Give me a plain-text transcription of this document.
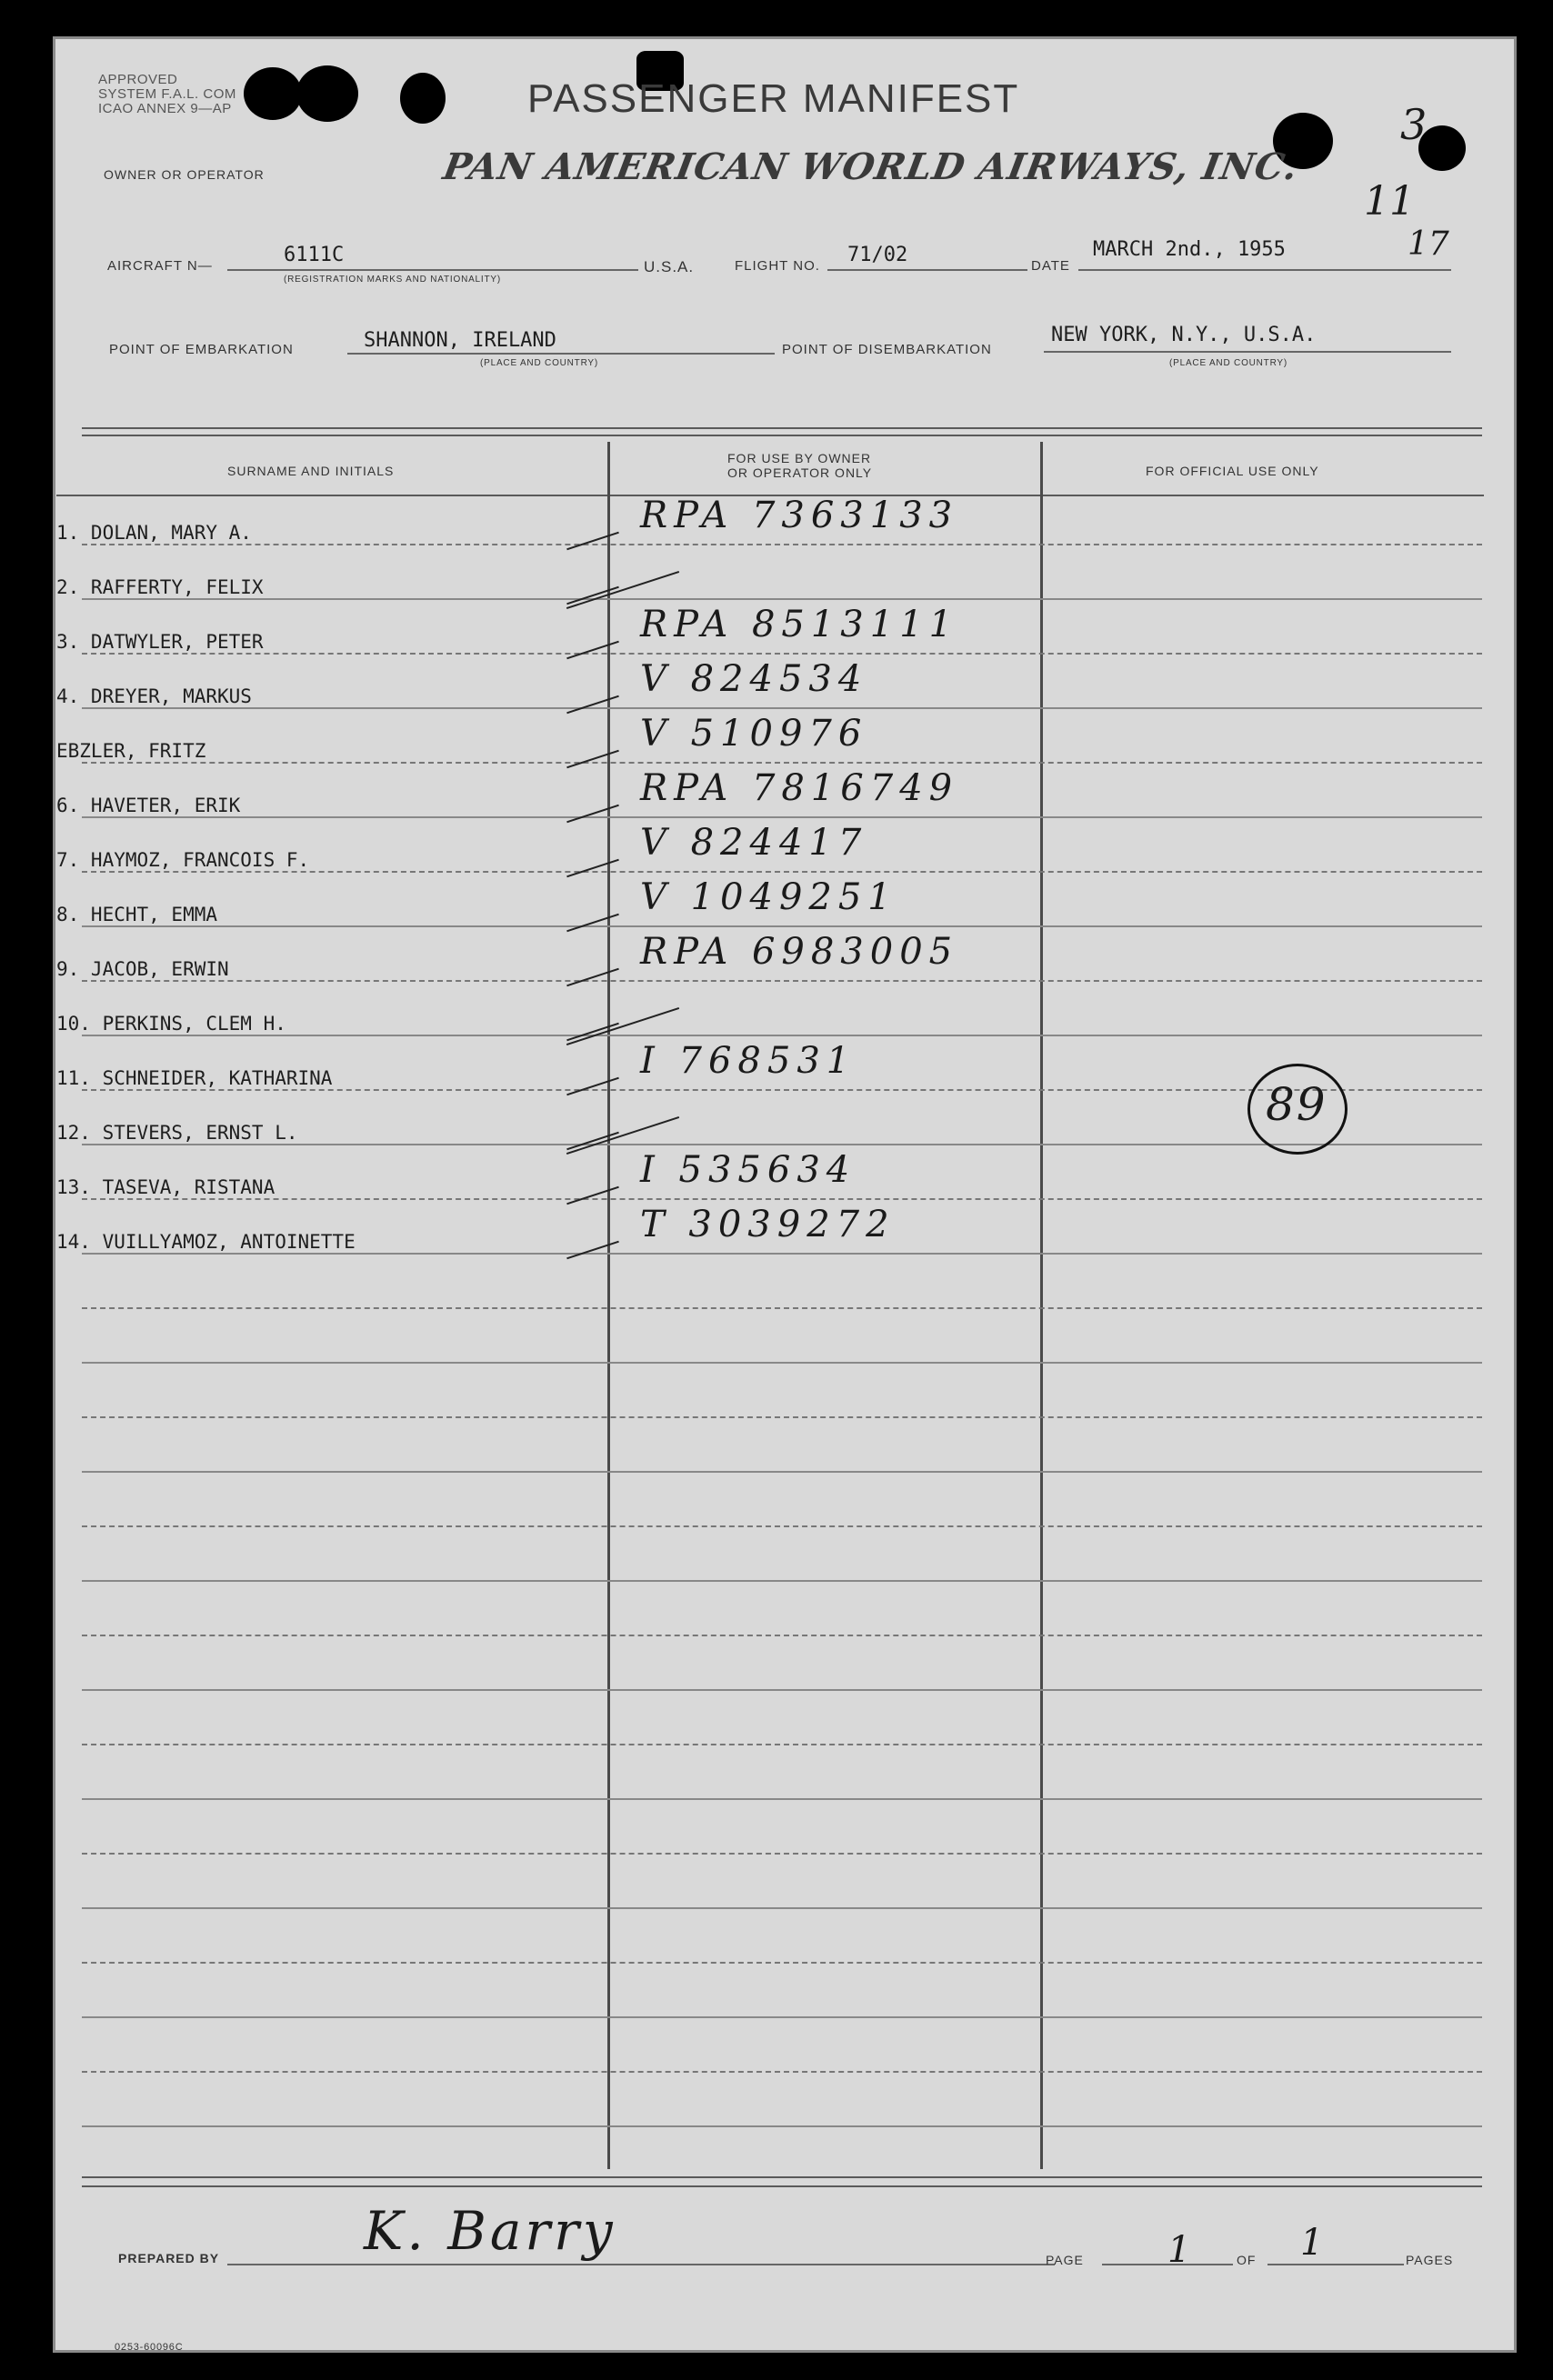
APPROVED
SYSTEM F.A.L. COM
ICAO ANNEX 9—AP	PASSENGER MANIFEST
PAN AMERICAN WORLD AIRWAYS, INC.
OWNER OR OPERATOR
3
11
17
AIRCRAFT N—	6111C
(REGISTRATION MARKS AND NATIONALITY)
U.S.A.	FLIGHT NO. 71/02	DATE
MARCH 2nd., 1955
POINT OF EMBARKATION	SHANNON, IRELAND
(PLACE AND COUNTRY)
POINT OF DISEMBARKATION
NEW YORK, N.Y., U.S.A.
(PLACE AND COUNTRY)
SURNAME AND INITIALS
FOR USE BY OWNER
OR OPERATOR ONLY	FOR OFFICIAL USE ONLY
1. DOLAN, MARY A.	RPA 7363133
2. RAFFERTY, FELIX
3. DATWYLER, PETER	RPA 8513111
4. DREYER, MARKUS	V 824534
EBZLER, FRITZ	V 510976
6. HAVETER, ERIK	RPA 7816749
7. HAYMOZ, FRANCOIS F.	V 824417
8. HECHT, EMMA	V 1049251
9. JACOB, ERWIN	RPA 6983005
10. PERKINS, CLEM H.
11. SCHNEIDER, KATHARINA	I 768531
12. STEVERS, ERNST L.
13. TASEVA, RISTANA	I 535634
14. VUILLYAMOZ, ANTOINETTE	T 3039272
89
PREPARED BY	K. Barry	PAGE 1	OF 1	PAGES
0253-60096C
